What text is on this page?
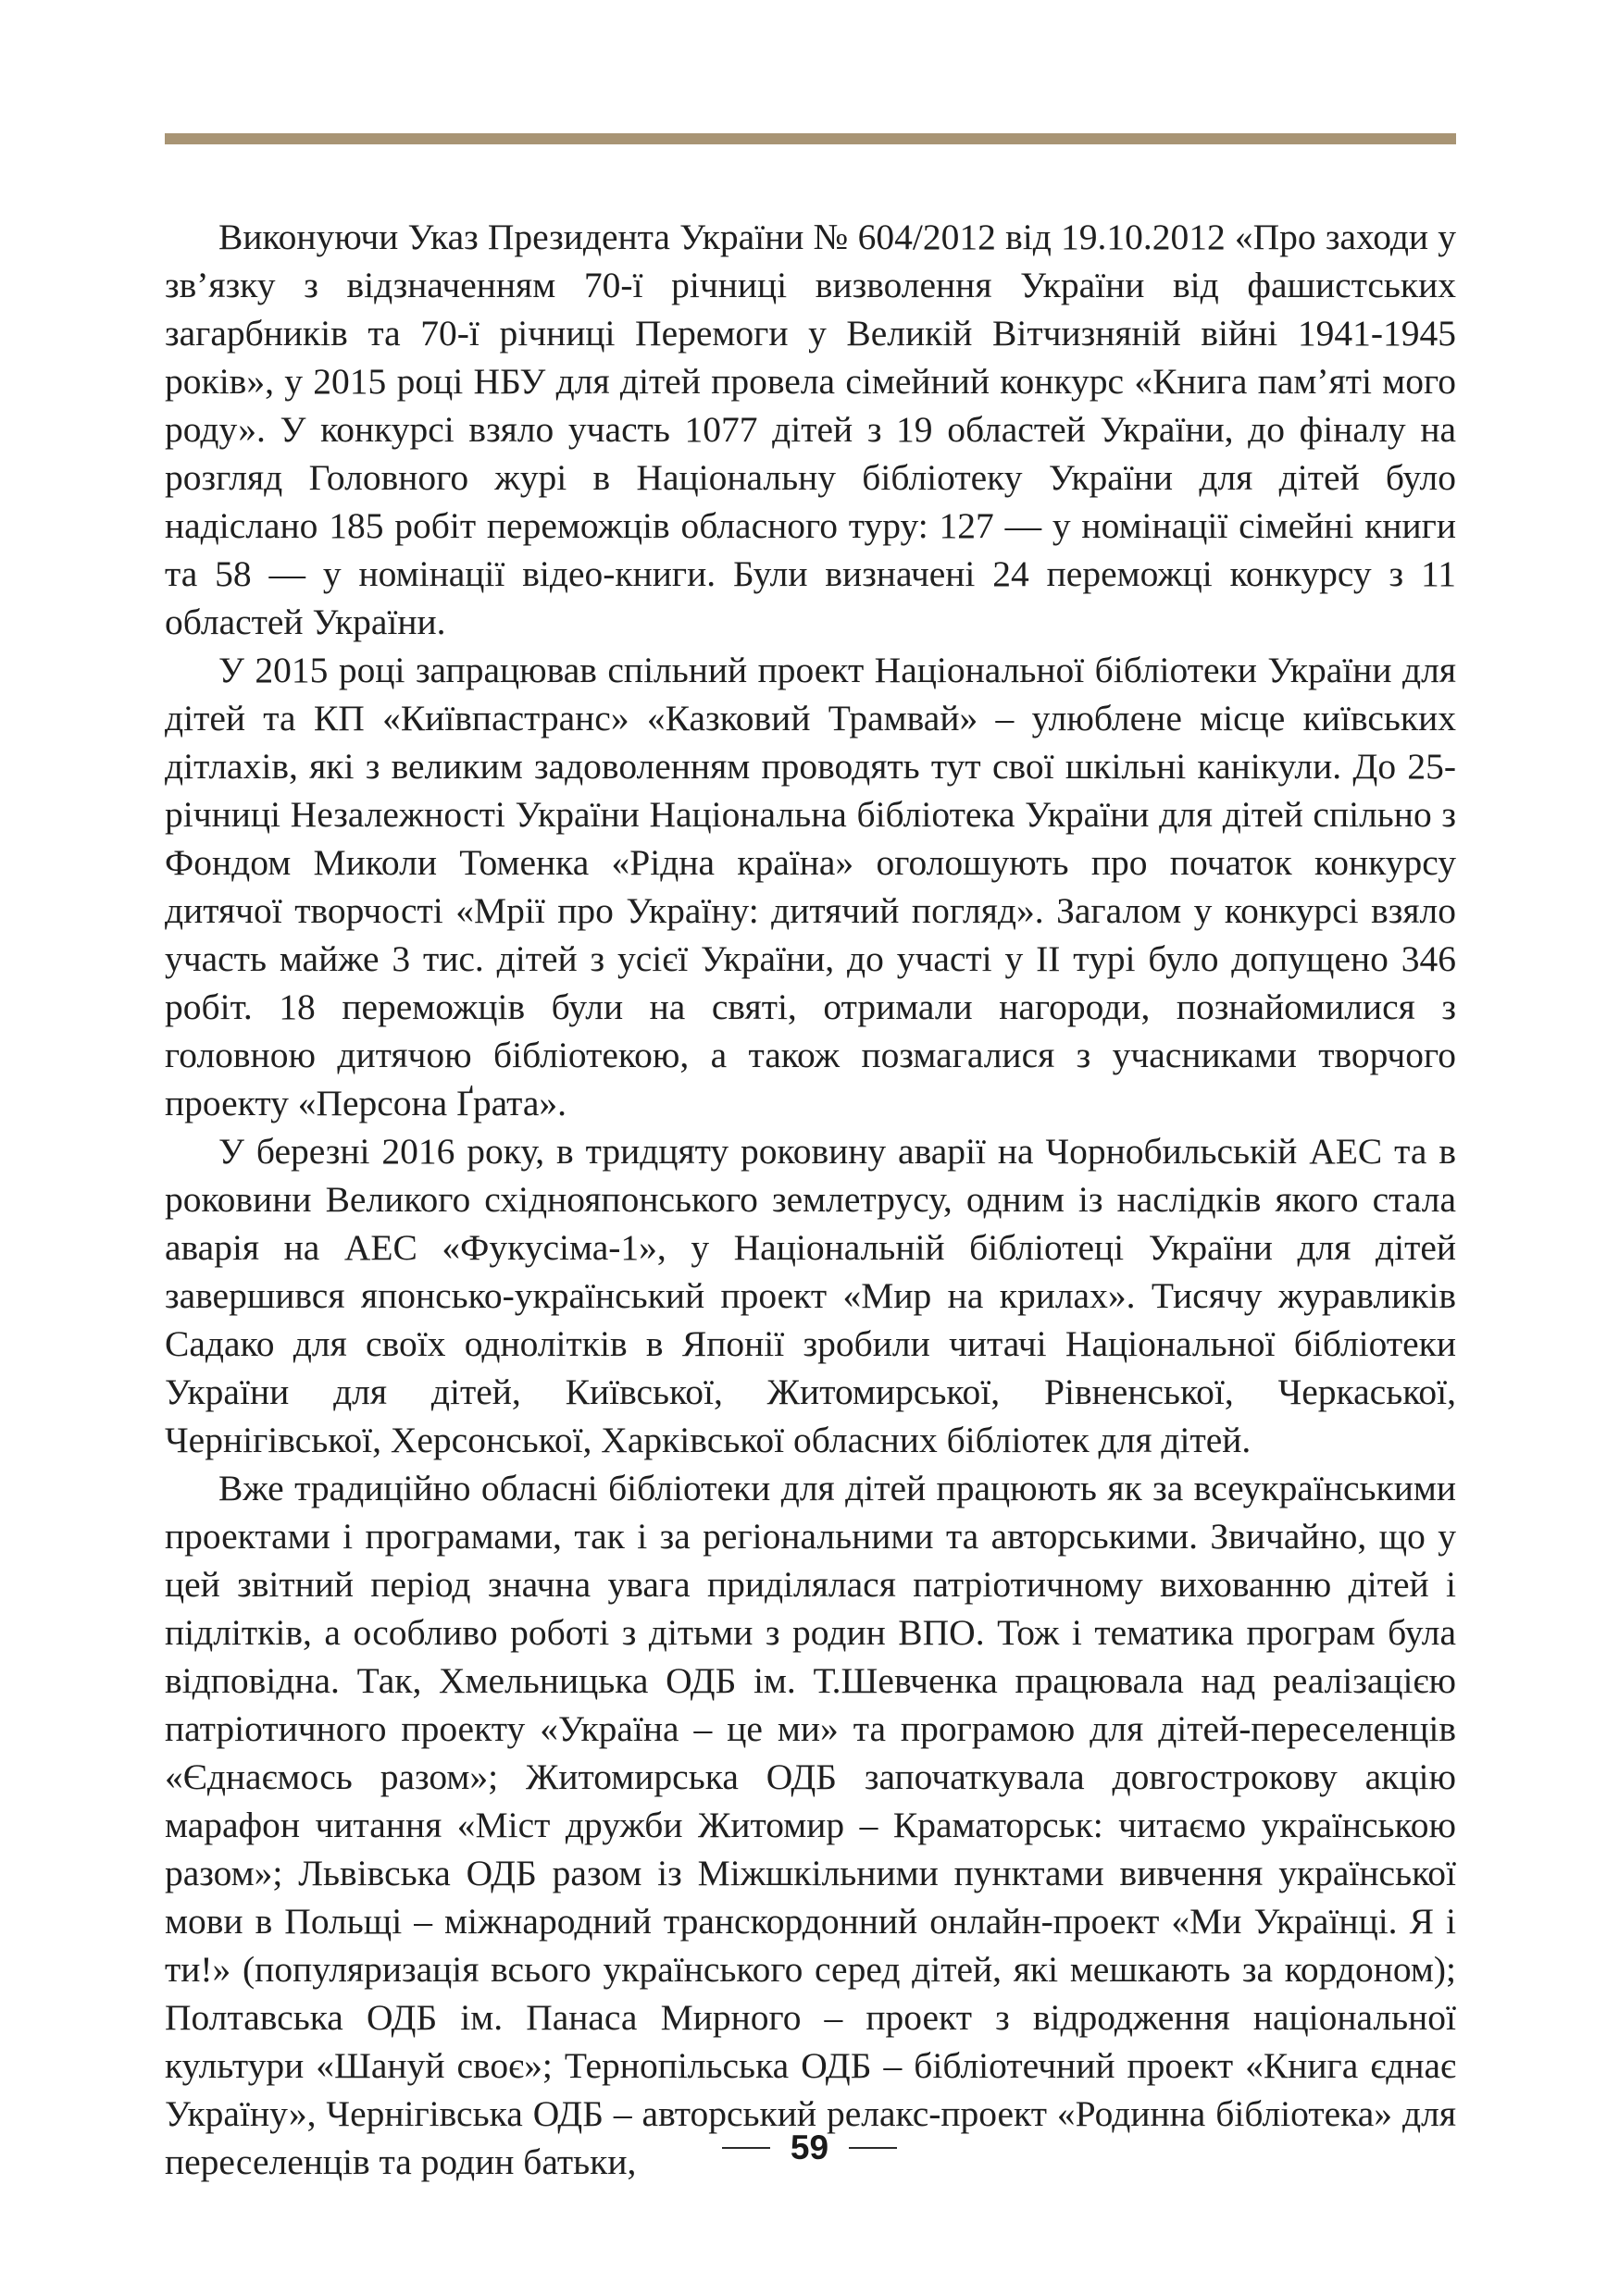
Виконуючи Указ Президента України № 604/2012 від 19.10.2012 «Про заходи у зв’язку з відзначенням 70-ї річниці визволення України від фашистських загарбників та 70-ї річниці Перемоги у Великій Вітчизняній війні 1941-1945 років», у 2015 році НБУ для дітей провела сімейний конкурс «Книга пам’яті мого роду». У конкурсі взяло участь 1077 дітей з 19 областей України, до фіналу на розгляд Головного журі в Національну бібліотеку України для дітей було надіслано 185 робіт переможців обласного туру: 127 — у номінації сімейні книги та 58 — у номінації відео-книги. Були визначені 24 переможці конкурсу з 11 областей України.

У 2015 році запрацював спільний проект Національної бібліотеки України для дітей та КП «Київпастранс» «Казковий Трамвай» – улюблене місце київських дітлахів, які з великим задоволенням проводять тут свої шкільні канікули. До 25-річниці Незалежності України Національна бібліотека України для дітей спільно з Фондом Миколи Томенка «Рідна країна» оголошують про початок конкурсу дитячої творчості «Мрії про Україну: дитячий погляд». Загалом у конкурсі взяло участь майже 3 тис. дітей з усієї України, до участі у ІІ турі було допущено 346 робіт. 18 переможців були на святі, отримали нагороди, познайомилися з головною дитячою бібліотекою, а також позмагалися з учасниками творчого проекту «Персона Ґрата».

У березні 2016 року, в тридцяту роковину аварії на Чорнобильській АЕС та в роковини Великого східнояпонського землетрусу, одним із наслідків якого стала аварія на АЕС «Фукусіма-1», у Національній бібліотеці України для дітей завершився японсько-український проект «Мир на крилах». Тисячу журавликів Садако для своїх однолітків в Японії зробили читачі Національної бібліотеки України для дітей, Київської, Житомирської, Рівненської, Черкаської, Чернігівської, Херсонської, Харківської обласних бібліотек для дітей.

Вже традиційно обласні бібліотеки для дітей працюють як за всеукраїнськими проектами і програмами, так і за регіональними та авторськими. Звичайно, що у цей звітний період значна увага приділялася патріотичному вихованню дітей і підлітків, а особливо роботі з дітьми з родин ВПО. Тож і тематика програм була відповідна. Так, Хмельницька ОДБ ім. Т.Шевченка працювала над реалізацією патріотичного проекту «Україна – це ми» та програмою для дітей-переселенців «Єднаємось разом»; Житомирська ОДБ започаткувала довгострокову акцію марафон читання «Міст дружби Житомир – Краматорськ: читаємо українською разом»; Львівська ОДБ разом із Міжшкільними пунктами вивчення української мови в Польщі – міжнародний транскордонний онлайн-проект «Ми Українці. Я і ти!» (популяризація всього українського серед дітей, які мешкають за кордоном); Полтавська ОДБ ім. Панаса Мирного – проект з відродження національної культури «Шануй своє»; Тернопільська ОДБ – бібліотечний проект «Книга єднає Україну», Чернігівська ОДБ – авторський релакс-проект «Родинна бібліотека» для переселенців та родин батьки,	59
